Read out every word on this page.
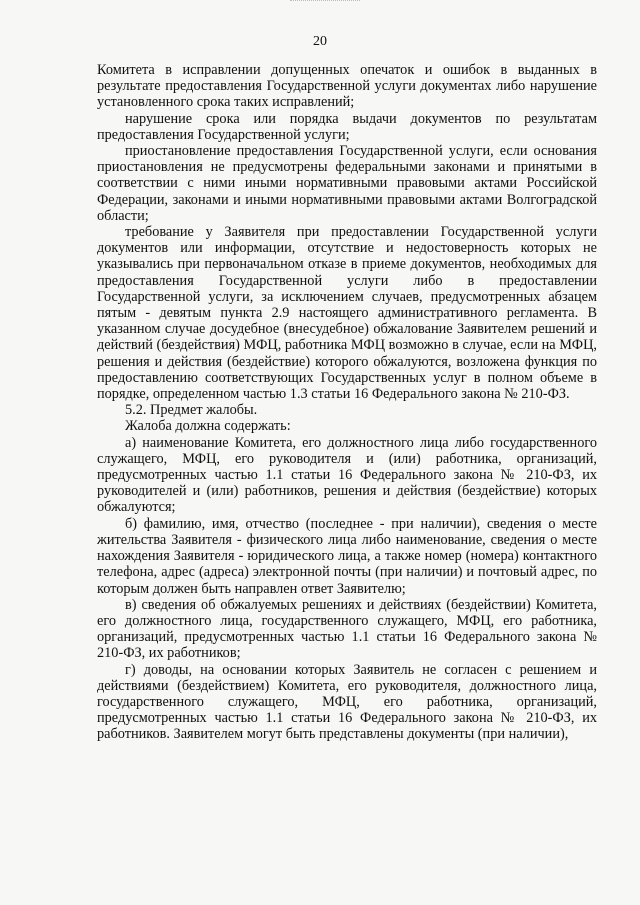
20

Комитета в исправлении допущенных опечаток и ошибок в выданных в результате предоставления Государственной услуги документах либо нарушение установленного срока таких исправлений;

нарушение срока или порядка выдачи документов по результатам предоставления Государственной услуги;

приостановление предоставления Государственной услуги, если основания приостановления не предусмотрены федеральными законами и принятыми в соответствии с ними иными нормативными правовыми актами Российской Федерации, законами и иными нормативными правовыми актами Волгоградской области;

требование у Заявителя при предоставлении Государственной услуги документов или информации, отсутствие и недостоверность которых не указывались при первоначальном отказе в приеме документов, необходимых для предоставления Государственной услуги либо в предоставлении Государственной услуги, за исключением случаев, предусмотренных абзацем пятым - девятым пункта 2.9 настоящего административного регламента. В указанном случае досудебное (внесудебное) обжалование Заявителем решений и действий (бездействия) МФЦ, работника МФЦ возможно в случае, если на МФЦ, решения и действия (бездействие) которого обжалуются, возложена функция по предоставлению соответствующих Государственных услуг в полном объеме в порядке, определенном частью 1.3 статьи 16 Федерального закона № 210-ФЗ.

5.2. Предмет жалобы.

Жалоба должна содержать:

а) наименование Комитета, его должностного лица либо государственного служащего, МФЦ, его руководителя и (или) работника, организаций, предусмотренных частью 1.1 статьи 16 Федерального закона № 210-ФЗ, их руководителей и (или) работников, решения и действия (бездействие) которых обжалуются;

б) фамилию, имя, отчество (последнее - при наличии), сведения о месте жительства Заявителя - физического лица либо наименование, сведения о месте нахождения Заявителя - юридического лица, а также номер (номера) контактного телефона, адрес (адреса) электронной почты (при наличии) и почтовый адрес, по которым должен быть направлен ответ Заявителю;

в) сведения об обжалуемых решениях и действиях (бездействии) Комитета, его должностного лица, государственного служащего, МФЦ, его работника, организаций, предусмотренных частью 1.1 статьи 16 Федерального закона № 210-ФЗ, их работников;

г) доводы, на основании которых Заявитель не согласен с решением и действиями (бездействием) Комитета, его руководителя, должностного лица, государственного служащего, МФЦ, его работника, организаций, предусмотренных частью 1.1 статьи 16 Федерального закона № 210-ФЗ, их работников. Заявителем могут быть представлены документы (при наличии),
